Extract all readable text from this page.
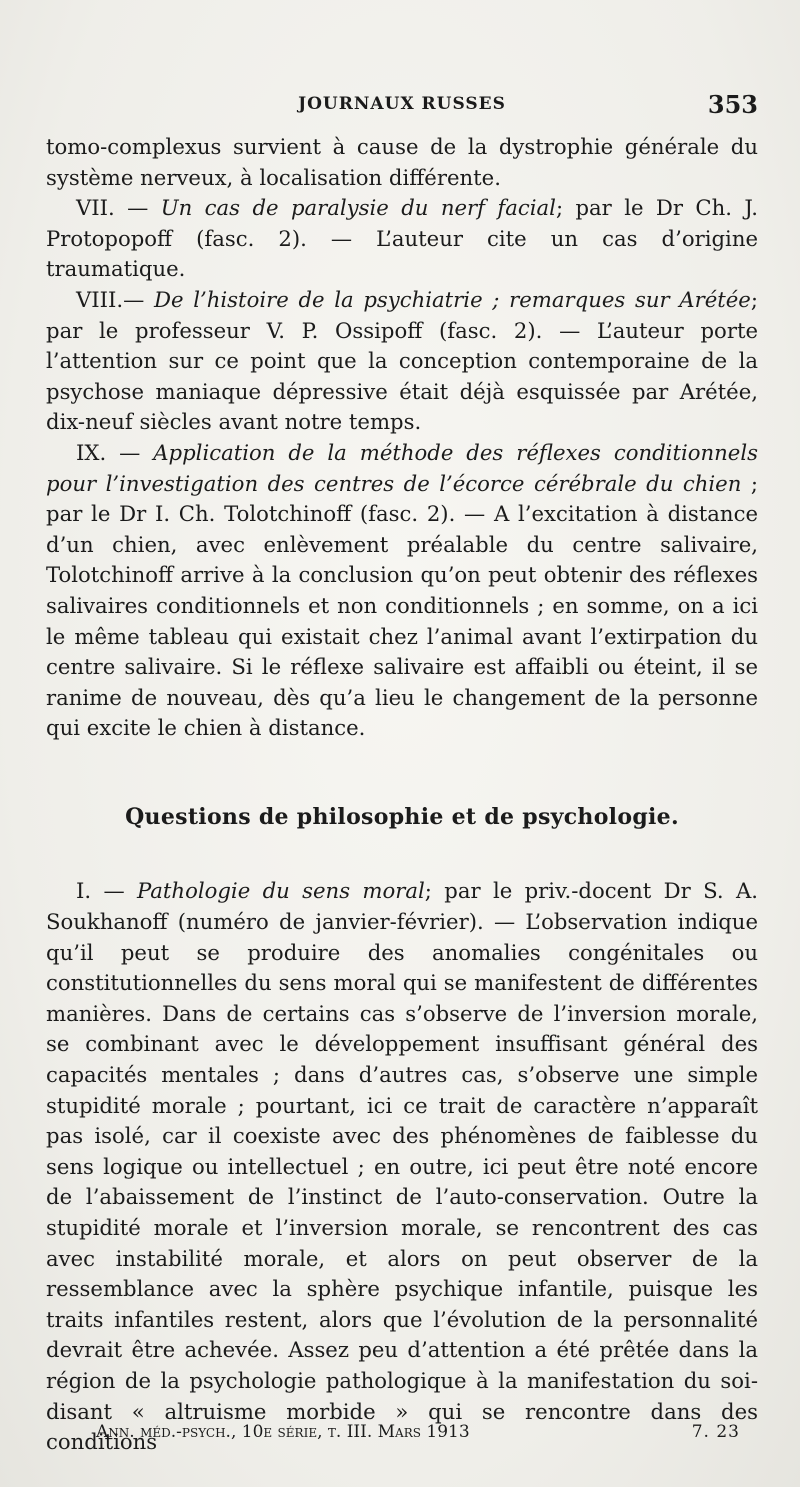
JOURNAUX RUSSES	353

tomo-complexus survient à cause de la dystrophie générale du système nerveux, à localisation différente.

VII. — Un cas de paralysie du nerf facial; par le Dr Ch. J. Protopopoff (fasc. 2). — L’auteur cite un cas d’origine traumatique.

VIII.— De l’histoire de la psychiatrie ; remarques sur Arétée; par le professeur V. P. Ossipoff (fasc. 2). — L’auteur porte l’attention sur ce point que la conception contemporaine de la psychose maniaque dépressive était déjà esquissée par Arétée, dix-neuf siècles avant notre temps.

IX. — Application de la méthode des réflexes conditionnels pour l’investigation des centres de l’écorce cérébrale du chien ; par le Dr I. Ch. Tolotchinoff (fasc. 2). — A l’excitation à distance d’un chien, avec enlèvement préalable du centre salivaire, Tolotchinoff arrive à la conclusion qu’on peut obtenir des réflexes salivaires conditionnels et non conditionnels ; en somme, on a ici le même tableau qui existait chez l’animal avant l’extirpation du centre salivaire. Si le réflexe salivaire est affaibli ou éteint, il se ranime de nouveau, dès qu’a lieu le changement de la personne qui excite le chien à distance.

Questions de philosophie et de psychologie.

I. — Pathologie du sens moral; par le priv.-docent Dr S. A. Soukhanoff (numéro de janvier-février). — L’observation indique qu’il peut se produire des anomalies congénitales ou constitutionnelles du sens moral qui se manifestent de différentes manières. Dans de certains cas s’observe de l’inversion morale, se combinant avec le développement insuffisant général des capacités mentales ; dans d’autres cas, s’observe une simple stupidité morale ; pourtant, ici ce trait de caractère n’apparaît pas isolé, car il coexiste avec des phénomènes de faiblesse du sens logique ou intellectuel ; en outre, ici peut être noté encore de l’abaissement de l’instinct de l’auto-conservation. Outre la stupidité morale et l’inversion morale, se rencontrent des cas avec instabilité morale, et alors on peut observer de la ressemblance avec la sphère psychique infantile, puisque les traits infantiles restent, alors que l’évolution de la personnalité devrait être achevée. Assez peu d’attention a été prêtée dans la région de la psychologie pathologique à la manifestation du soi-disant « altruisme morbide » qui se rencontre dans des conditions

Ann. méd.-psych., 10e série, t. III. Mars 1913	7. 23
